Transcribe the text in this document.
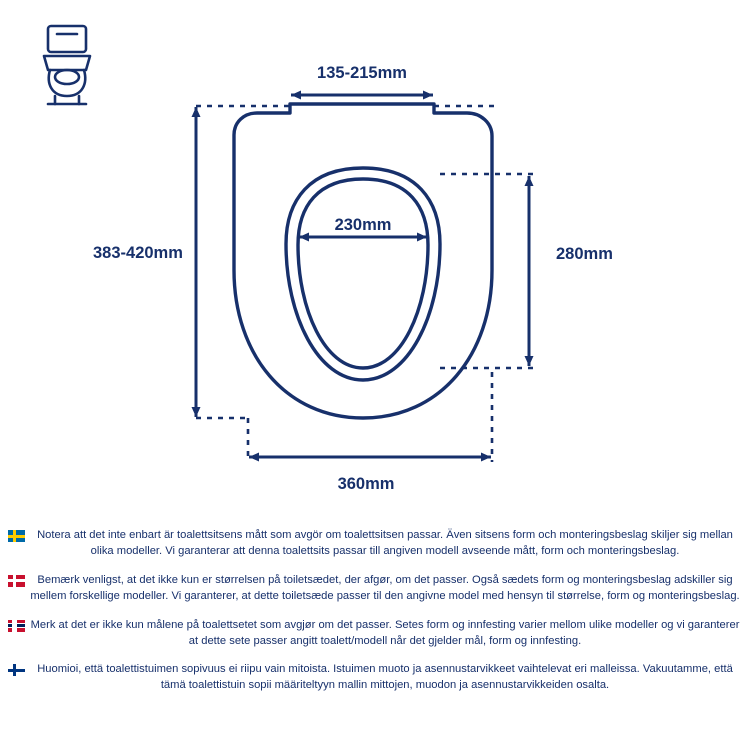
135-215mm
383-420mm
230mm
280mm
360mm
Notera att det inte enbart är toalettsitsens mått som avgör om toalettsitsen passar. Även sitsens form och monteringsbeslag skiljer sig mellan olika modeller. Vi garanterar att denna toalettsits passar till angiven modell avseende mått, form och monteringsbeslag.
Bemærk venligst, at det ikke kun er størrelsen på toiletsædet, der afgør, om det passer. Også sædets form og monteringsbeslag adskiller sig mellem forskellige modeller. Vi garanterer, at dette toiletsæde passer til den angivne model med hensyn til størrelse, form og monteringsbeslag.
Merk at det er ikke kun målene på toalettsetet som avgjør om det passer. Setes form og innfesting varier mellom ulike modeller og vi garanterer at dette sete passer angitt toalett/modell når det gjelder mål, form og innfesting.
Huomioi, että toalettistuimen sopivuus ei riipu vain mitoista. Istuimen muoto ja asennustarvikkeet vaihtelevat eri malleissa. Vakuutamme, että tämä toalettistuin sopii määriteltyyn mallin mittojen, muodon ja asennustarvikkeiden osalta.
